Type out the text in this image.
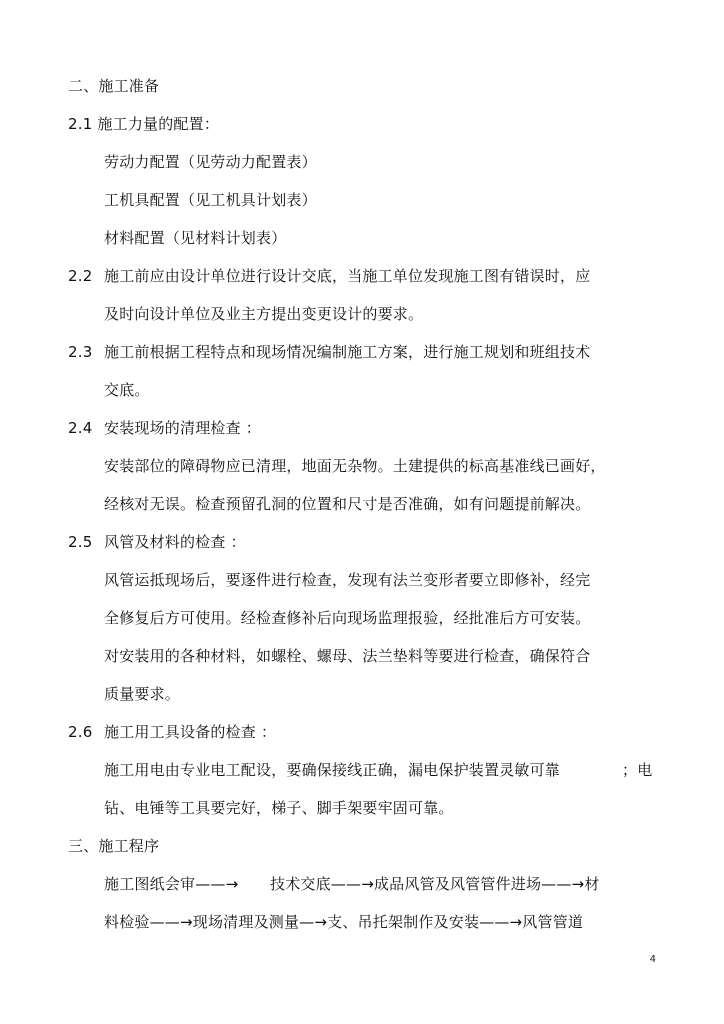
二、施工准备
2.1 施工力量的配置：
劳动力配置（见劳动力配置表）
工机具配置（见工机具计划表）
材料配置（见材料计划表）
2.2 施工前应由设计单位进行设计交底，当施工单位发现施工图有错误时，应
及时向设计单位及业主方提出变更设计的要求。
2.3 施工前根据工程特点和现场情况编制施工方案，进行施工规划和班组技术
交底。
2.4 安装现场的清理检查 ：
安装部位的障碍物应已清理，地面无杂物。土建提供的标高基准线已画好，
经核对无误。检查预留孔洞的位置和尺寸是否准确，如有问题提前解决。
2.5 风管及材料的检查 ：
风管运抵现场后，要逐件进行检查，发现有法兰变形者要立即修补，经完
全修复后方可使用。经检查修补后向现场监理报验，经批准后方可安装。
对安装用的各种材料，如螺栓、螺母、法兰垫料等要进行检查，确保符合
质量要求。
2.6 施工用工具设备的检查 ：
施工用电由专业电工配设，要确保接线正确，漏电保护装置灵敏可靠	；电
钻、电锤等工具要完好，梯子、脚手架要牢固可靠。
三、施工程序
施工图纸会审——→ 技术交底——→成品风管及风管管件进场——→材
料检验——→现场清理及测量—→支、吊托架制作及安装——→风管管道
4
